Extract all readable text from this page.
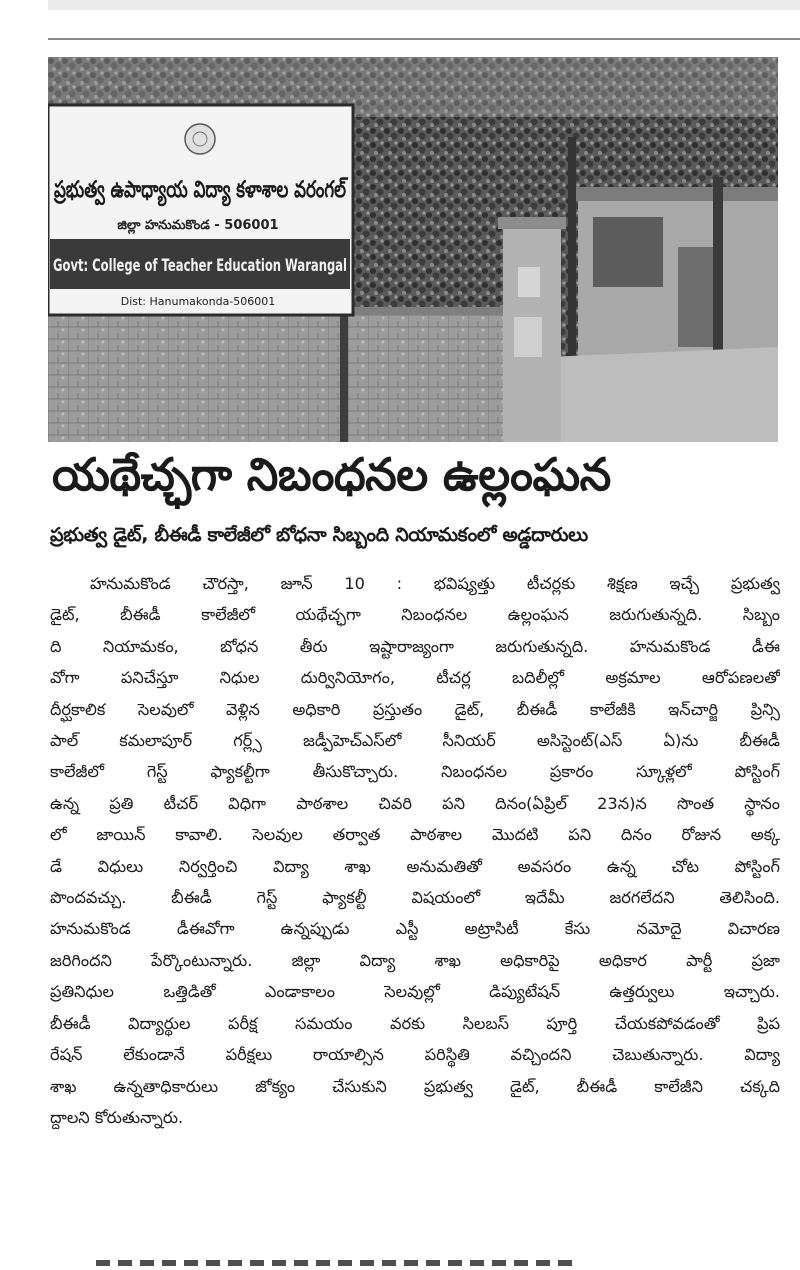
ప్రభుత్వ ఉపాధ్యాయ విద్యా కళాశాల వరంగల్
జిల్లా హనుమకొండ - 506001
Govt: College of Teacher Education Warangal
Dist: Hanumakonda-506001
యథేచ్ఛగా నిబంధనల ఉల్లంఘన
ప్రభుత్వ డైట్, బీఈడీ కాలేజీలో బోధనా సిబ్బంది నియామకంలో అడ్డదారులు
హనుమకొండ చౌరస్తా, జూన్ 10 : భవిష్యత్తు టీచర్లకు శిక్షణ ఇచ్చే ప్రభుత్వ
డైట్, బీఈడీ కాలేజీలో యథేచ్ఛగా నిబంధనల ఉల్లంఘన జరుగుతున్నది. సిబ్బం
ది నియామకం, బోధన తీరు ఇష్టారాజ్యంగా జరుగుతున్నది. హనుమకొండ డీఈ
వోగా పనిచేస్తూ నిధుల దుర్వినియోగం, టీచర్ల బదిలీల్లో అక్రమాల ఆరోపణలతో
దీర్ఘకాలిక సెలవులో వెళ్లిన అధికారి ప్రస్తుతం డైట్, బీఈడీ కాలేజీకి ఇన్‌చార్జి ప్రిన్సి
పాల్ కమలాపూర్ గర్ల్స్ జడ్పీహెచ్ఎస్‌లో సీనియర్ అసిస్టెంట్(ఎస్ ఏ)ను బీఈడీ
కాలేజీలో గెస్ట్ ఫ్యాకల్టీగా తీసుకొచ్చారు. నిబంధనల ప్రకారం స్కూళ్లలో పోస్టింగ్
ఉన్న ప్రతి టీచర్ విధిగా పాఠశాల చివరి పని దినం(ఏప్రిల్ 23న)న సొంత స్థానం
లో జాయిన్ కావాలి. సెలవుల తర్వాత పాఠశాల మొదటి పని దినం రోజున అక్క
డే విధులు నిర్వర్తించి విద్యా శాఖ అనుమతితో అవసరం ఉన్న చోట పోస్టింగ్
పొందవచ్చు. బీఈడీ గెస్ట్ ఫ్యాకల్టీ విషయంలో ఇదేమీ జరగలేదని తెలిసింది.
హనుమకొండ డీఈవోగా ఉన్నప్పుడు ఎస్టీ అట్రాసిటీ కేసు నమోదై విచారణ
జరిగిందని పేర్కొంటున్నారు. జిల్లా విద్యా శాఖ అధికారిపై అధికార పార్టీ ప్రజా
ప్రతినిధుల ఒత్తిడితో ఎండాకాలం సెలవుల్లో డిప్యుటేషన్ ఉత్తర్వులు ఇచ్చారు.
బీఈడీ విద్యార్థుల పరీక్ష సమయం వరకు సిలబస్ పూర్తి చేయకపోవడంతో ప్రిప
రేషన్ లేకుండానే పరీక్షలు రాయాల్సిన పరిస్థితి వచ్చిందని చెబుతున్నారు. విద్యా
శాఖ ఉన్నతాధికారులు జోక్యం చేసుకుని ప్రభుత్వ డైట్, బీఈడీ కాలేజీని చక్కది
ద్దాలని కోరుతున్నారు.
